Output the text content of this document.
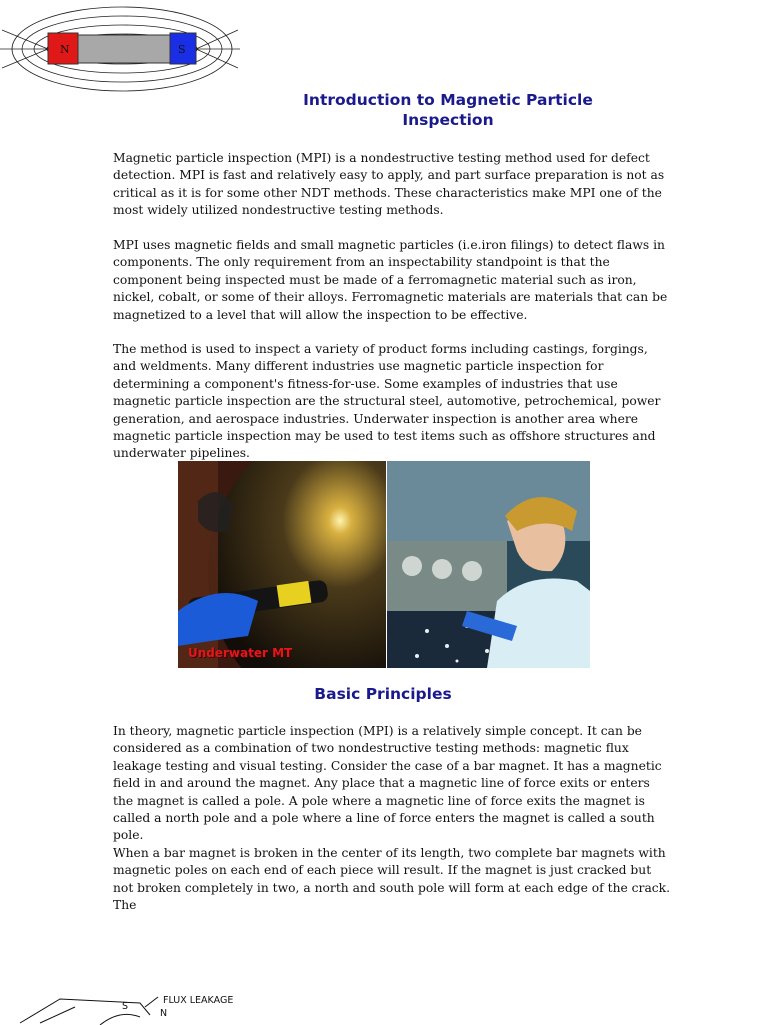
N	S
Introduction to Magnetic Particle Inspection

Magnetic particle inspection (MPI) is a nondestructive testing method used for defect detection. MPI is fast and relatively easy to apply, and part surface preparation is not as critical as it is for some other NDT methods. These characteristics make MPI one of the most widely utilized nondestructive testing methods.

MPI uses magnetic fields and small magnetic particles (i.e.iron filings) to detect flaws in components. The only requirement from an inspectability standpoint is that the component being inspected must be made of a ferromagnetic material such as iron, nickel, cobalt, or some of their alloys. Ferromagnetic materials are materials that can be magnetized to a level that will allow the inspection to be effective.

The method is used to inspect a variety of product forms including castings, forgings, and weldments. Many different industries use magnetic particle inspection for determining a component's fitness-for-use. Some examples of industries that use magnetic particle inspection are the structural steel, automotive, petrochemical, power generation, and aerospace industries. Underwater inspection is another area where magnetic particle inspection may be used to test items such as offshore structures and underwater pipelines.

Underwater MT
Basic Principles

In theory, magnetic particle inspection (MPI) is a relatively simple concept. It can be considered as a combination of two nondestructive testing methods: magnetic flux leakage testing and visual testing. Consider the case of a bar magnet. It has a magnetic field in and around the magnet. Any place that a magnetic line of force exits or enters the magnet is called a pole. A pole where a magnetic line of force exits the magnet is called a north pole and a pole where a line of force enters the magnet is called a south pole.

When a bar magnet is broken in the center of its length, two complete bar magnets with magnetic poles on each end of each piece will result. If the magnet is just cracked but not broken completely in two, a north and south pole will form at each edge of the crack. The

S
N
FLUX LEAKAGE
